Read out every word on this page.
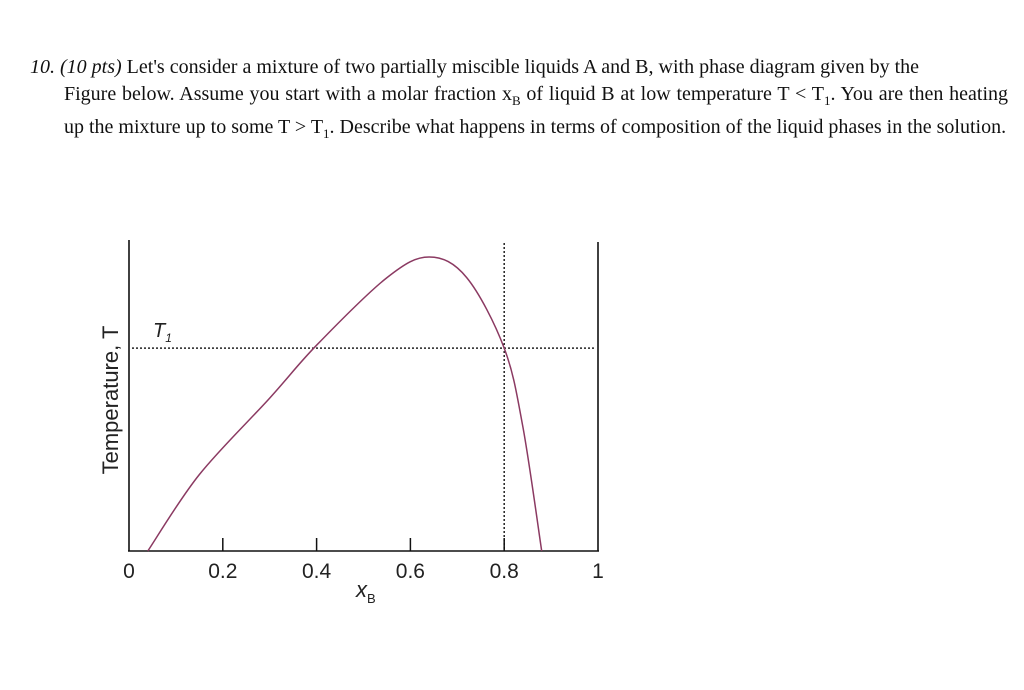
10. (10 pts) Let's consider a mixture of two partially miscible liquids A and B, with phase diagram given by the
Figure below. Assume you start with a molar fraction $x_B$ of liquid B at low temperature $T < T_1$. You are then heating up the mixture up to some $T > T_1$. Describe what happens in terms of composition of the liquid phases in the solution.
0	0.2	0.4	0.6	0.8	1
$T_1$
Temperature, T
$x_B$
